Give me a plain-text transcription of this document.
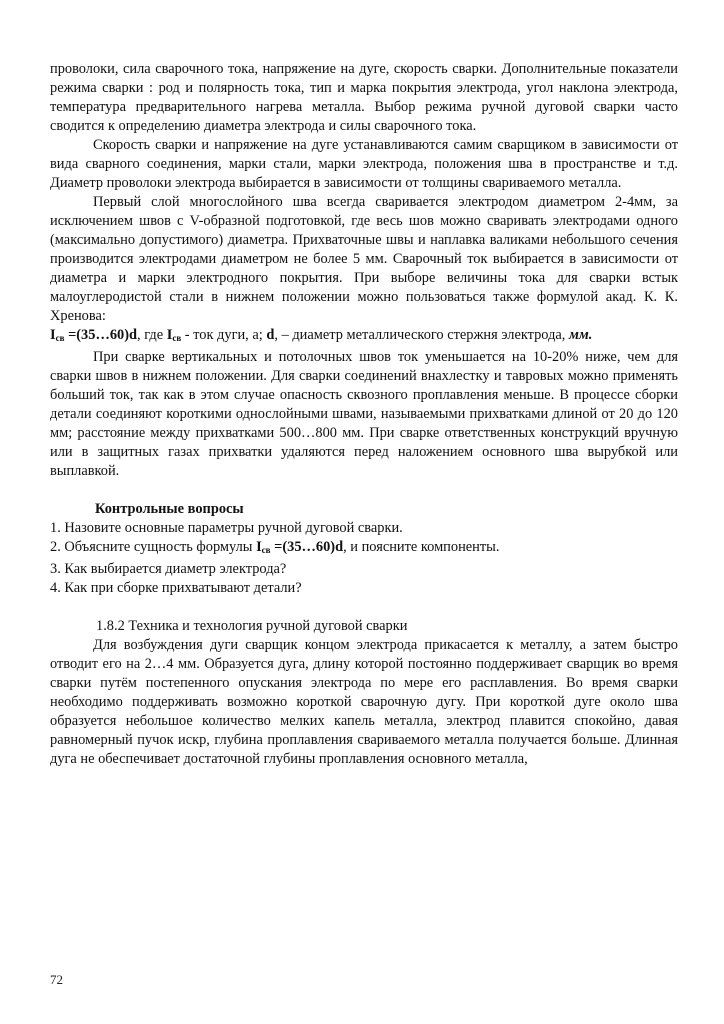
проволоки, сила сварочного тока, напряжение на дуге, скорость сварки. Дополнительные показатели режима сварки : род и полярность тока, тип и марка покрытия электрода, угол наклона электрода, температура предварительного нагрева металла. Выбор режима ручной дуговой сварки часто сводится к определению диаметра электрода и силы сварочного тока.

Скорость сварки и напряжение на дуге устанавливаются самим сварщиком в зависимости от вида сварного соединения, марки стали, марки электрода, положения шва в пространстве и т.д. Диаметр проволоки электрода выбирается в зависимости от толщины свариваемого металла.

Первый слой многослойного шва всегда сваривается электродом диаметром 2-4мм, за исключением швов с V-образной подготовкой, где весь шов можно сваривать электродами одного (максимально допустимого) диаметра. Прихваточные швы и наплавка валиками небольшого сечения производится электродами диаметром не более 5 мм. Сварочный ток выбирается в зависимости от диаметра и марки электродного покрытия. При выборе величины тока для сварки встык малоуглеродистой стали в нижнем положении можно пользоваться также формулой акад. К. К. Хренова:

$I_{св}$ =(35…60)d, где $I_{св}$ - ток дуги, а; d, – диаметр металлического стержня электрода, мм.

При сварке вертикальных и потолочных швов ток уменьшается на 10-20% ниже, чем для сварки швов в нижнем положении. Для сварки соединений внахлестку и тавровых можно применять больший ток, так как в этом случае опасность сквозного проплавления меньше. В процессе сборки детали соединяют короткими однослойными швами, называемыми прихватками длиной от 20 до 120 мм; расстояние между прихватками 500…800 мм. При сварке ответственных конструкций вручную или в защитных газах прихватки удаляются перед наложением основного шва вырубкой или выплавкой.

Контрольные вопросы

1. Назовите основные параметры ручной дуговой сварки.

2. Объясните сущность формулы $I_{св}$ =(35…60)d, и поясните компоненты.

3. Как выбирается диаметр электрода?

4. Как при сборке прихватывают детали?

1.8.2 Техника и технология ручной дуговой сварки

Для возбуждения дуги сварщик концом электрода прикасается к металлу, а затем быстро отводит его на 2…4 мм. Образуется дуга, длину которой постоянно поддерживает сварщик во время сварки путём постепенного опускания электрода по мере его расплавления. Во время сварки необходимо поддерживать возможно короткой сварочную дугу. При короткой дуге около шва образуется небольшое количество мелких капель металла, электрод плавится спокойно, давая равномерный пучок искр, глубина проплавления свариваемого металла получается больше. Длинная дуга не обеспечивает достаточной глубины проплавления основного металла,

72
